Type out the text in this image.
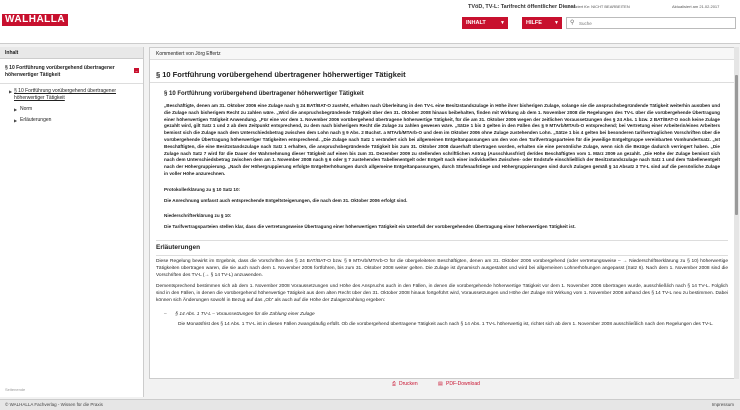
WALHALLA
TVöD, TV-L: Tarifrecht öffentlicher Dienst
Lizenziert für: NICHT BEARBEITEN	Aktualisiert am 21.02.2017
INHALT	▼	HILFE ▼ ⚲
Suche
Inhalt
§ 10 Fortführung vorübergehend übertragener höherwertiger Tätigkeit
–
▶ § 10 Fortführung vorübergehend übertragener höherwertiger Tätigkeit
▶ Norm
▶ Erläuterungen
Seitenende
Kommentiert von Jörg Effertz
§ 10 Fortführung vorübergehend übertragener höherwertiger Tätigkeit
§ 10 Fortführung vorübergehend übertragener höherwertiger Tätigkeit
„Beschäftigte, denen am 31. Oktober 2006 eine Zulage nach § 24 BAT/BAT-O zusteht, erhalten nach Überleitung in den TV-L eine Besitzstandszulage in Höhe ihrer bisherigen Zulage, solange sie die anspruchsbegründende Tätigkeit weiterhin ausüben und die Zulage nach bisherigem Recht zu zahlen wäre. „Wird die anspruchsbegründende Tätigkeit über den 31. Oktober 2008 hinaus beibehalten, finden mit Wirkung ab dem 1. November 2008 die Regelungen des TV-L über die vorübergehende Übertragung einer höherwertigen Tätigkeit Anwendung. „Für eine vor dem 1. November 2006 vorübergehend übertragene höherwertige Tätigkeit, für die am 31. Oktober 2006 wegen der zeitlichen Voraussetzungen des § 24 Abs. 1 bzw. 2 BAT/BAT-O noch keine Zulage gezahlt wird, gilt Satz 1 und 2 ab dem Zeitpunkt entsprechend, zu dem nach bisherigem Recht die Zulage zu zahlen gewesen wäre. „Sätze 1 bis 3 gelten in den Fällen des § 9 MTArb/MTArb-O entsprechend; bei Vertretung einer Arbeiterin/eines Arbeiters bemisst sich die Zulage nach dem Unterschiedsbetrag zwischen dem Lohn nach § 9 Abs. 2 Buchst. a MTArb/MTArb-O und dem im Oktober 2006 ohne Zulage zustehenden Lohn. „Sätze 1 bis 4 gelten bei besonderen tarifvertraglichen Vorschriften über die vorübergehende Übertragung höherwertiger Tätigkeiten entsprechend. „Die Zulage nach Satz 1 verändert sich bei allgemeinen Entgeltanpassungen um den von den Tarifvertragsparteien für die jeweilige Entgeltgruppe vereinbarten Vomhundertsatz. „Ist Beschäftigten, die eine Besitzstandszulage nach Satz 1 erhalten, die anspruchsbegründende Tätigkeit bis zum 31. Oktober 2008 dauerhaft übertragen worden, erhalten sie eine persönliche Zulage, wenn sich die Bezüge dadurch verringert haben. „Die Zulage nach Satz 7 wird für die Dauer der Wahrnehmung dieser Tätigkeit auf einen bis zum 31. Dezember 2009 zu stellenden schriftlichen Antrag (Ausschlussfrist) der/des Beschäftigten vom 1. März 2009 an gezahlt. „Die Höhe der Zulage bemisst sich nach dem Unterschiedsbetrag zwischen dem am 1. November 2008 nach § 6 oder § 7 zustehenden Tabellenentgelt oder Entgelt nach einer individuellen Zwischen- oder Endstufe einschließlich der Besitzstandszulage nach Satz 1 und dem Tabellenentgelt nach der Höhergruppierung. „Nach der Höhergruppierung erfolgte Entgelterhöhungen durch allgemeine Entgeltanpassungen, durch Stufenaufstiege und Höhergruppierungen sind durch Zulagen gemäß § 14 Absatz 3 TV-L sind auf die persönliche Zulage in voller Höhe anzurechnen.
Protokollerklärung zu § 10 Satz 10:
Die Anrechnung umfasst auch entsprechende Entgeltsteigerungen, die nach dem 31. Oktober 2006 erfolgt sind.
Niederschrifterklärung zu § 10:
Die Tarifvertragsparteien stellen klar, dass die vertretungsweise Übertragung einer höherwertigen Tätigkeit ein Unterfall der vorübergehenden Übertragung einer höherwertigen Tätigkeit ist.
Erläuterungen
Diese Regelung bewirkt im Ergebnis, dass die Vorschriften des § 24 BAT/BAT-O bzw. § 9 MTArb/MTArb-O für die übergeleiteten Beschäftigten, denen am 31. Oktober 2006 vorübergehend (oder vertretungsweise – → Niederschriftserklärung zu § 10) höherwertige Tätigkeiten übertragen waren, die sie auch nach dem 1. November 2006 fortführen, bis zum 31. Oktober 2008 weiter gelten. Die Zulage ist dynamisch ausgestaltet und wird bei allgemeinen Lohnerhöhungen angepasst (Satz 6). Nach dem 1. November 2008 sind die Vorschriften des TV-L (→ § 14 TV-L) anzuwenden.
Dementsprechend bestimmen sich ab dem 1. November 2008 Voraussetzungen und Höhe des Anspruchs auch in den Fällen, in denen die vorübergehende höherwertige Tätigkeit vor dem 1. November 2006 übertragen wurde, ausschließlich nach § 14 TV-L. Folglich sind in den Fällen, in denen die vorübergehend höherwertige Tätigkeit aus dem alten Recht über den 31. Oktober 2008 hinaus fortgeführt wird, Voraussetzungen und Höhe der Zulage mit Wirkung vom 1. November 2008 anhand des § 14 TV-L neu zu bestimmen. Dabei können sich Änderungen sowohl in Bezug auf das „Ob“ als auch auf die Höhe der Zulagenzahlung ergeben:
– § 14 Abs. 1 TV-L – Voraussetzungen für die Zahlung einer Zulage
Die Monatsfrist des § 14 Abs. 1 TV-L ist in diesen Fällen zwangsläufig erfüllt. Ob die vorübergehend übertragene Tätigkeit auch nach § 14 Abs. 1 TV-L höherwertig ist, richtet sich ab dem 1. November 2008 ausschließlich nach den Regelungen des TV-L.
⎙ Drucken	▤ PDF-Download
© WALHALLA Fachverlag - Wissen für die Praxis	Impressum
